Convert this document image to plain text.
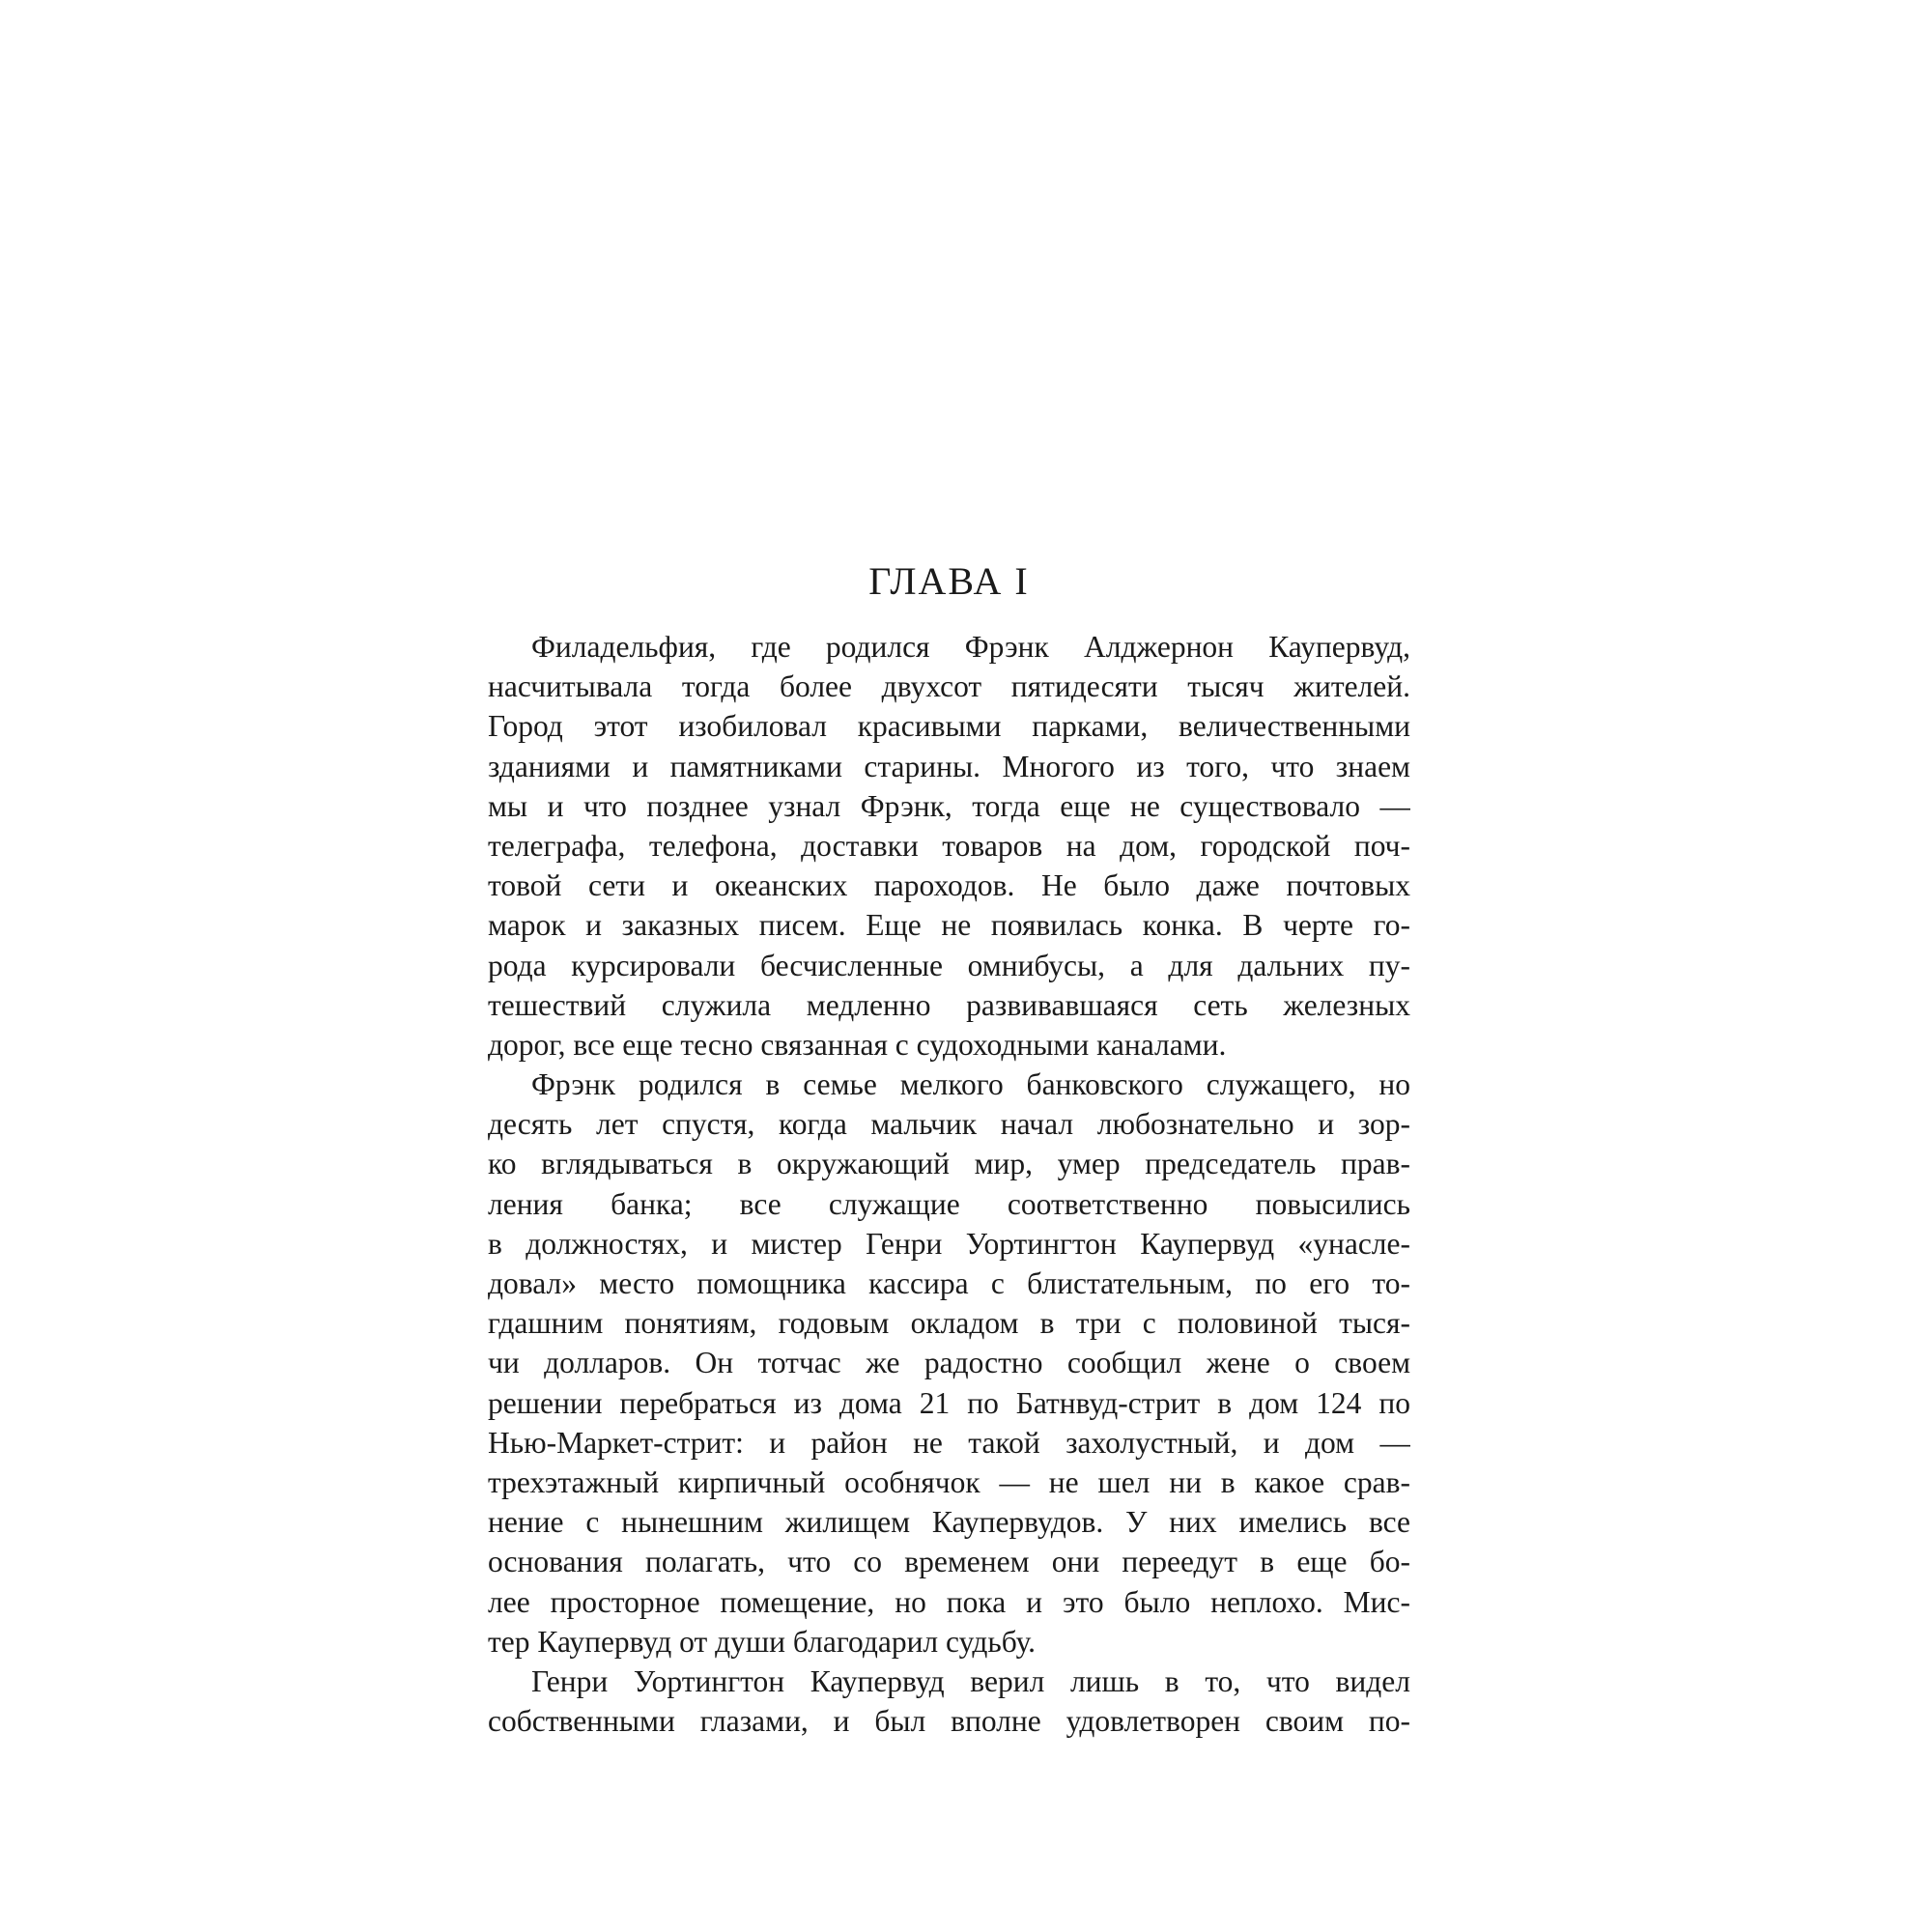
ГЛАВА I
Филадельфия, где родился Фрэнк Алджернон Каупервуд,
насчитывала тогда более двухсот пятидесяти тысяч жителей.
Город этот изобиловал красивыми парками, величественными
зданиями и памятниками старины. Многого из того, что знаем
мы и что позднее узнал Фрэнк, тогда еще не существовало —
телеграфа, телефона, доставки товаров на дом, городской поч-
товой сети и океанских пароходов. Не было даже почтовых
марок и заказных писем. Еще не появилась конка. В черте го-
рода курсировали бесчисленные омнибусы, а для дальних пу-
тешествий служила медленно развивавшаяся сеть железных
дорог, все еще тесно связанная с судоходными каналами.
Фрэнк родился в семье мелкого банковского служащего, но
десять лет спустя, когда мальчик начал любознательно и зор-
ко вглядываться в окружающий мир, умер председатель прав-
ления банка; все служащие соответственно повысились
в должностях, и мистер Генри Уортингтон Каупервуд «унасле-
довал» место помощника кассира с блистательным, по его то-
гдашним понятиям, годовым окладом в три с половиной тыся-
чи долларов. Он тотчас же радостно сообщил жене о своем
решении перебраться из дома 21 по Батнвуд-стрит в дом 124 по
Нью-Маркет-стрит: и район не такой захолустный, и дом —
трехэтажный кирпичный особнячок — не шел ни в какое срав-
нение с нынешним жилищем Каупервудов. У них имелись все
основания полагать, что со временем они переедут в еще бо-
лее просторное помещение, но пока и это было неплохо. Мис-
тер Каупервуд от души благодарил судьбу.
Генри Уортингтон Каупервуд верил лишь в то, что видел
собственными глазами, и был вполне удовлетворен своим по-
